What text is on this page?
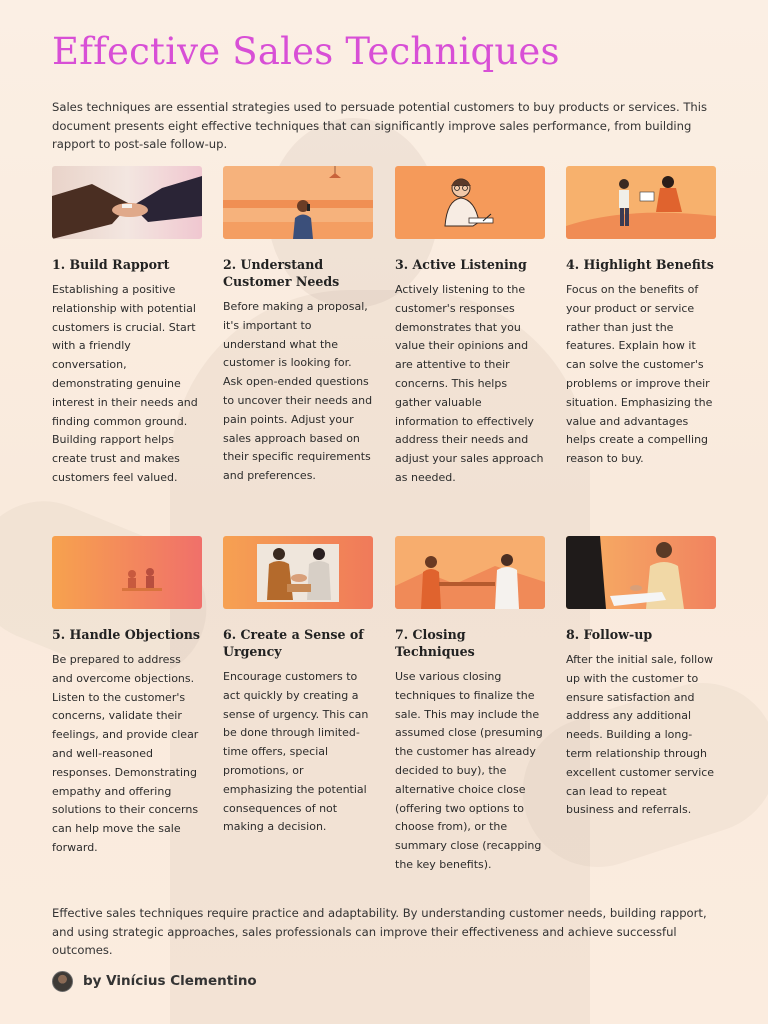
Effective Sales Techniques

Sales techniques are essential strategies used to persuade potential customers to buy products or services. This document presents eight effective techniques that can significantly improve sales performance, from building rapport to post-sale follow-up.

1. Build Rapport
Establishing a positive relationship with potential customers is crucial. Start with a friendly conversation, demonstrating genuine interest in their needs and finding common ground. Building rapport helps create trust and makes customers feel valued.
2. Understand Customer Needs
Before making a proposal, it's important to understand what the customer is looking for. Ask open-ended questions to uncover their needs and pain points. Adjust your sales approach based on their specific requirements and preferences.
3. Active Listening
Actively listening to the customer's responses demonstrates that you value their opinions and are attentive to their concerns. This helps gather valuable information to effectively address their needs and adjust your sales approach as needed.
4. Highlight Benefits
Focus on the benefits of your product or service rather than just the features. Explain how it can solve the customer's problems or improve their situation. Emphasizing the value and advantages helps create a compelling reason to buy.
5. Handle Objections
Be prepared to address and overcome objections. Listen to the customer's concerns, validate their feelings, and provide clear and well-reasoned responses. Demonstrating empathy and offering solutions to their concerns can help move the sale forward.
6. Create a Sense of Urgency
Encourage customers to act quickly by creating a sense of urgency. This can be done through limited-time offers, special promotions, or emphasizing the potential consequences of not making a decision.
7. Closing Techniques
Use various closing techniques to finalize the sale. This may include the assumed close (presuming the customer has already decided to buy), the alternative choice close (offering two options to choose from), or the summary close (recapping the key benefits).
8. Follow-up
After the initial sale, follow up with the customer to ensure satisfaction and address any additional needs. Building a long-term relationship through excellent customer service can lead to repeat business and referrals.

Effective sales techniques require practice and adaptability. By understanding customer needs, building rapport, and using strategic approaches, sales professionals can improve their effectiveness and achieve successful outcomes.

by Vinícius Clementino
